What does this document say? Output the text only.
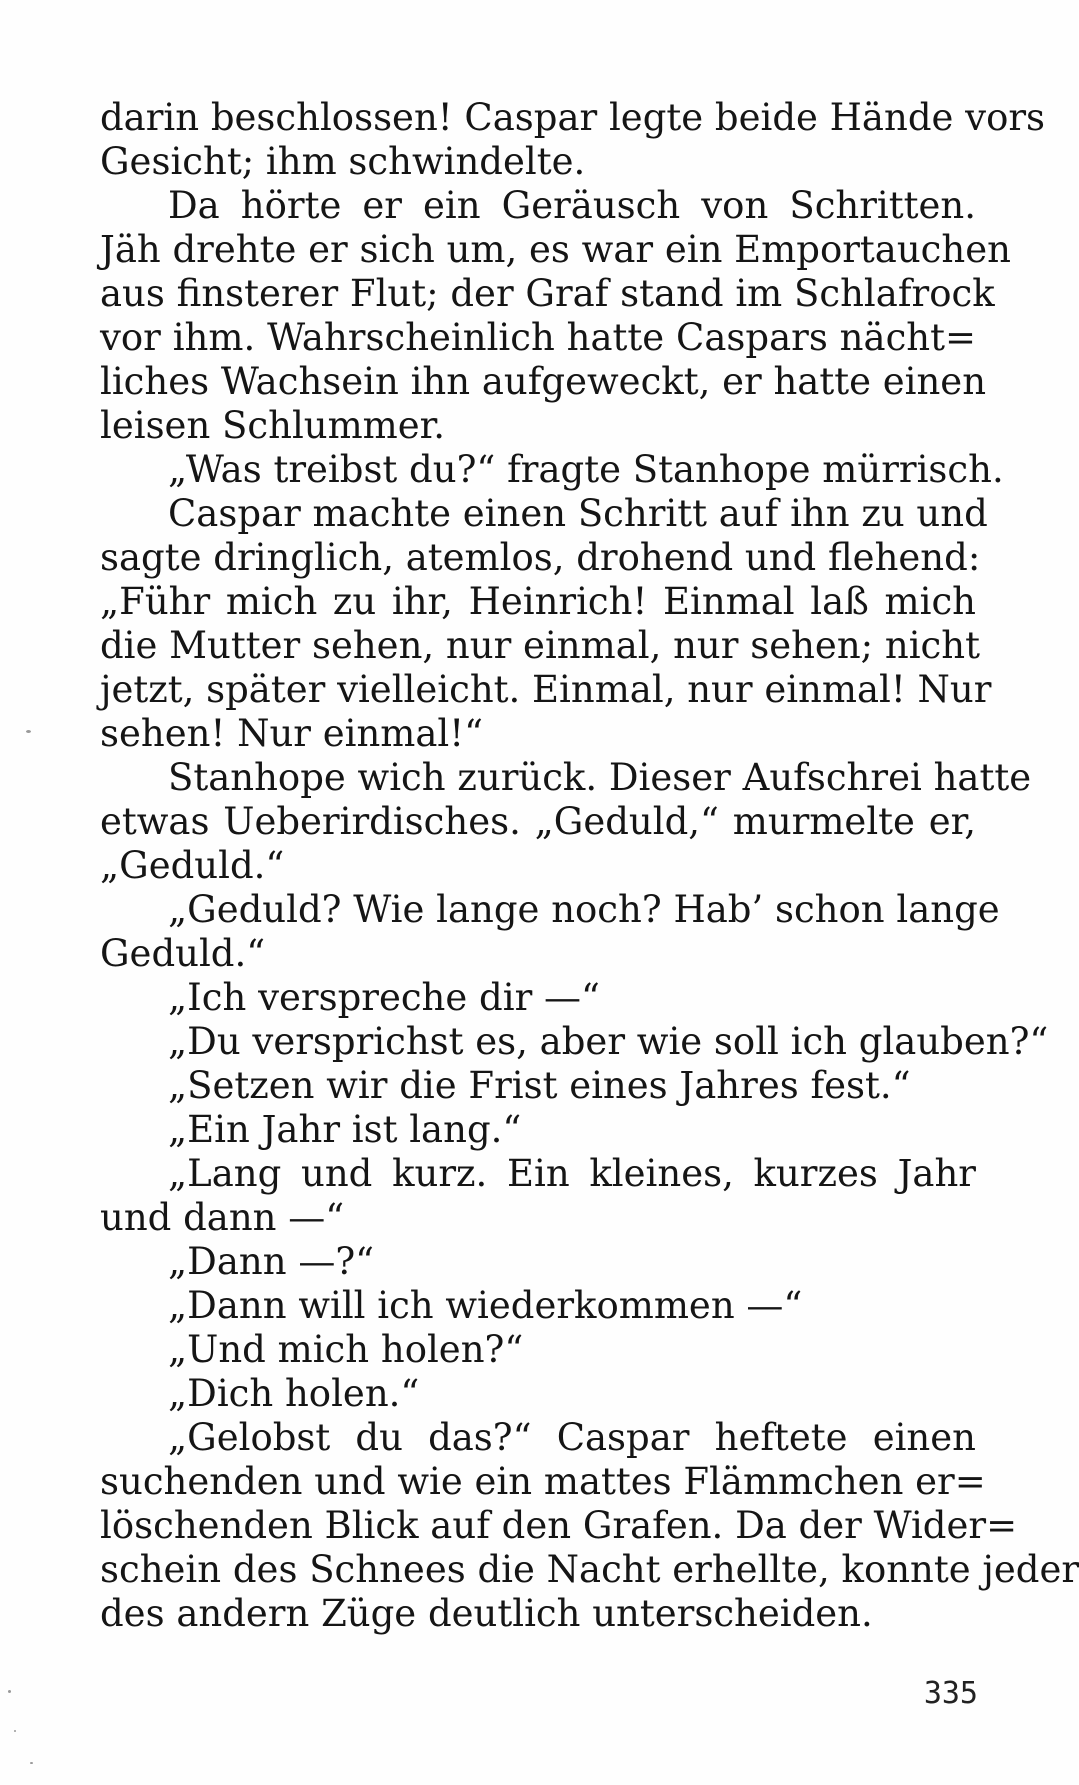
darin beschlossen! Caspar legte beide Hände vors
Gesicht; ihm schwindelte.
Da hörte er ein Geräusch von Schritten.
Jäh drehte er sich um, es war ein Emportauchen
aus finsterer Flut; der Graf stand im Schlafrock
vor ihm. Wahrscheinlich hatte Caspars nächt=
liches Wachsein ihn aufgeweckt, er hatte einen
leisen Schlummer.
„Was treibst du?“ fragte Stanhope mürrisch.
Caspar machte einen Schritt auf ihn zu und
sagte dringlich, atemlos, drohend und flehend:
„Führ mich zu ihr, Heinrich! Einmal laß mich
die Mutter sehen, nur einmal, nur sehen; nicht
jetzt, später vielleicht. Einmal, nur einmal! Nur
sehen! Nur einmal!“
Stanhope wich zurück. Dieser Aufschrei hatte
etwas Ueberirdisches. „Geduld,“ murmelte er,
„Geduld.“
„Geduld? Wie lange noch? Hab’ schon lange
Geduld.“
„Ich verspreche dir —“
„Du versprichst es, aber wie soll ich glauben?“
„Setzen wir die Frist eines Jahres fest.“
„Ein Jahr ist lang.“
„Lang und kurz. Ein kleines, kurzes Jahr
und dann —“
„Dann —?“
„Dann will ich wiederkommen —“
„Und mich holen?“
„Dich holen.“
„Gelobst du das?“ Caspar heftete einen
suchenden und wie ein mattes Flämmchen er=
löschenden Blick auf den Grafen. Da der Wider=
schein des Schnees die Nacht erhellte, konnte jeder
des andern Züge deutlich unterscheiden.
335
